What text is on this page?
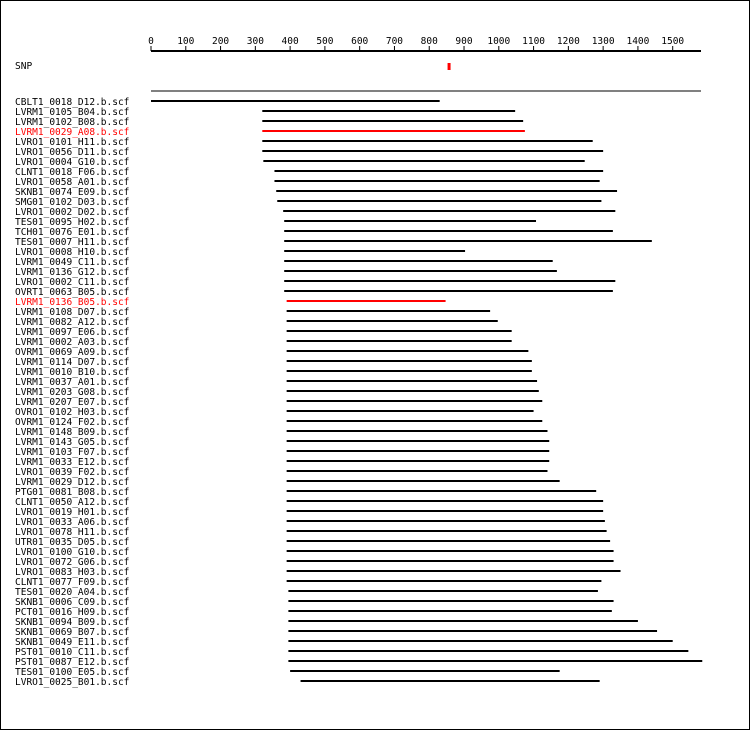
0 100 200 300 400 500 600 700 800 900 1000 1100 1200 1300 1400 1500
SNP
CBLT1_0018_D12.b.scf
LVRM1_0105_B04.b.scf
LVRM1_0102_B08.b.scf
LVRM1_0029_A08.b.scf
LVRO1_0101_H11.b.scf
LVRO1_0056_D11.b.scf
LVRO1_0004_G10.b.scf
CLNT1_0018_F06.b.scf
LVRO1_0058_A01.b.scf
SKNB1_0074_E09.b.scf
SMG01_0102_D03.b.scf
LVRO1_0002_D02.b.scf
TES01_0095_H02.b.scf
TCH01_0076_E01.b.scf
TES01_0007_H11.b.scf
LVRO1_0008_H10.b.scf
LVRM1_0049_C11.b.scf
LVRM1_0136_G12.b.scf
LVRO1_0002_C11.b.scf
OVRT1_0063_B05.b.scf
LVRM1_0136_B05.b.scf
LVRM1_0108_D07.b.scf
LVRM1_0082_A12.b.scf
LVRM1_0097_E06.b.scf
LVRM1_0002_A03.b.scf
OVRM1_0069_A09.b.scf
LVRM1_0114_D07.b.scf
LVRM1_0010_B10.b.scf
LVRM1_0037_A01.b.scf
LVRM1_0203_G08.b.scf
LVRM1_0207_E07.b.scf
OVRO1_0102_H03.b.scf
OVRM1_0124_F02.b.scf
LVRM1_0148_B09.b.scf
LVRM1_0143_G05.b.scf
LVRM1_0103_F07.b.scf
LVRM1_0033_E12.b.scf
LVRO1_0039_F02.b.scf
LVRM1_0029_D12.b.scf
PTG01_0081_B08.b.scf
CLNT1_0050_A12.b.scf
LVRO1_0019_H01.b.scf
LVRO1_0033_A06.b.scf
LVRO1_0078_H11.b.scf
UTR01_0035_D05.b.scf
LVRO1_0100_G10.b.scf
LVRO1_0072_G06.b.scf
LVRO1_0083_H03.b.scf
CLNT1_0077_F09.b.scf
TES01_0020_A04.b.scf
SKNB1_0006_C09.b.scf
PCT01_0016_H09.b.scf
SKNB1_0094_B09.b.scf
SKNB1_0069_B07.b.scf
SKNB1_0049_E11.b.scf
PST01_0010_C11.b.scf
PST01_0087_E12.b.scf
TES01_0100_E05.b.scf
LVRO1_0025_B01.b.scf
